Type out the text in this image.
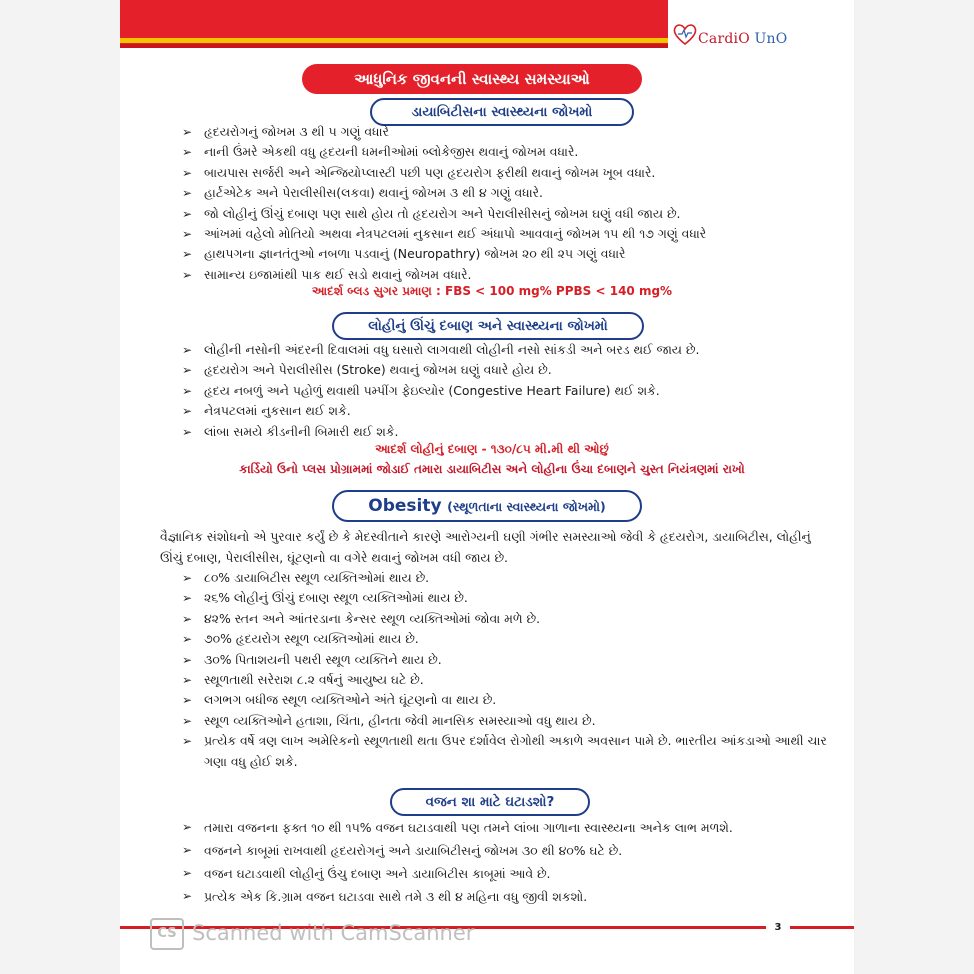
CardiO UnO
આધુનિક જીવનની સ્વાસ્થ્ય સમસ્યાઓ
ડાયાબિટીસના સ્વાસ્થ્યના જોખમો
➢ હૃદયરોગનું જોખમ ૩ થી ૫ ગણું વધારે
➢ નાની ઉંમરે એકથી વધુ હૃદયની ધમનીઓમાં બ્લોકેજીસ થવાનું જોખમ વધારે.
➢ બાયપાસ સર્જરી અને એન્જિયોપ્લાસ્ટી પછી પણ હૃદયરોગ ફરીથી થવાનું જોખમ ખૂબ વધારે.
➢ હાર્ટએટેક અને પેરાલીસીસ(લકવા) થવાનું જોખમ ૩ થી ૪ ગણું વધારે.
➢ જો લોહીનું ઊંચું દબાણ પણ સાથે હોય તો હૃદયરોગ અને પેરાલીસીસનું જોખમ ઘણું વધી જાય છે.
➢ આંખમાં વહેલો મોતિયો અથવા નેત્રપટલમાં નુકસાન થઈ અંધાપો આવવાનું જોખમ ૧૫ થી ૧૭ ગણું વધારે
➢ હાથપગના જ્ઞાનતંતુઓ નબળા પડવાનું (Neuropathry) જોખમ ૨૦ થી ૨૫ ગણું વધારે
➢ સામાન્ય ઇજામાંથી પાક થઈ સડો થવાનું જોખમ વધારે.
આદર્શ બ્લડ સુગર પ્રમાણ : FBS < 100 mg% PPBS < 140 mg%
લોહીનું ઊંચું દબાણ અને સ્વાસ્થ્યના જોખમો
➢ લોહીની નસોની અંદરની દિવાલમાં વધુ ઘસારો લાગવાથી લોહીની નસો સાંકડી અને બરડ થઈ જાય છે.
➢ હૃદયરોગ અને પેરાલીસીસ (Stroke) થવાનું જોખમ ઘણું વધારે હોય છે.
➢ હૃદય નબળું અને પહોળું થવાથી પમ્પીંગ ફેઇલ્યોર (Congestive Heart Failure) થઈ શકે.
➢ નેત્રપટલમાં નુકસાન થઈ શકે.
➢ લાંબા સમયે કીડનીની બિમારી થઈ શકે.
આદર્શ લોહીનું દબાણ - ૧૩૦/૮૫ મી.મી થી ઓછું
કાર્ડિયો ઉનો પ્લસ પ્રોગ્રામમાં જોડાઈ તમારા ડાયાબિટીસ અને લોહીના ઉંચા દબાણને ચુસ્ત નિયંત્રણમાં રાખો
Obesity (સ્થૂળતાના સ્વાસ્થ્યના જોખમો)
વૈજ્ઞાનિક સંશોધનો એ પુરવાર કર્યું છે કે મેદસ્વીતાને કારણે આરોગ્યની ઘણી ગંભીર સમસ્યાઓ જેવી કે હૃદયરોગ, ડાયાબિટીસ, લોહીનું ઊંચું દબાણ, પેરાલીસીસ, ઘૂંટણનો વા વગેરે થવાનું જોખમ વધી જાય છે.
➢ ૮૦% ડાયાબિટીસ સ્થૂળ વ્યક્તિઓમાં થાય છે.
➢ ૨૬% લોહીનું ઊંચું દબાણ સ્થૂળ વ્યક્તિઓમાં થાય છે.
➢ ૪૨% સ્તન અને આંતરડાના કેન્સર સ્થૂળ વ્યક્તિઓમાં જોવા મળે છે.
➢ ૭૦% હૃદયરોગ સ્થૂળ વ્યક્તિઓમાં થાય છે.
➢ ૩૦% પિતાશયની પથરી સ્થૂળ વ્યક્તિને થાય છે.
➢ સ્થૂળતાથી સરેરાશ ૮.૨ વર્ષનું આયુષ્ય ઘટે છે.
➢ લગભગ બધીજ સ્થૂળ વ્યક્તિઓને અંતે ઘૂંટણનો વા થાય છે.
➢ સ્થૂળ વ્યક્તિઓને હતાશા, ચિંતા, હીનતા જેવી માનસિક સમસ્યાઓ વધુ થાય છે.
➢ પ્રત્યેક વર્ષે ત્રણ લાખ અમેરિકનો સ્થૂળતાથી થતા ઉપર દર્શાવેલ રોગોથી અકાળે અવસાન પામે છે. ભારતીય આંકડાઓ આથી ચાર ગણા વધુ હોઈ શકે.
વજન શા માટે ઘટાડશો?
➢ તમારા વજનના ફક્ત ૧૦ થી ૧૫% વજન ઘટાડવાથી પણ તમને લાંબા ગાળાના સ્વાસ્થ્યના અનેક લાભ મળશે.
➢ વજનને કાબૂમાં રાખવાથી હૃદયરોગનું અને ડાયાબિટીસનું જોખમ ૩૦ થી ૪૦% ઘટે છે.
➢ વજન ઘટાડવાથી લોહીનું ઉંચુ દબાણ અને ડાયાબિટીસ કાબૂમાં આવે છે.
➢ પ્રત્યેક એક કિ.ગ્રામ વજન ઘટાડવા સાથે તમે ૩ થી ૪ મહિના વધુ જીવી શકશો.
3
CS Scanned with CamScanner
